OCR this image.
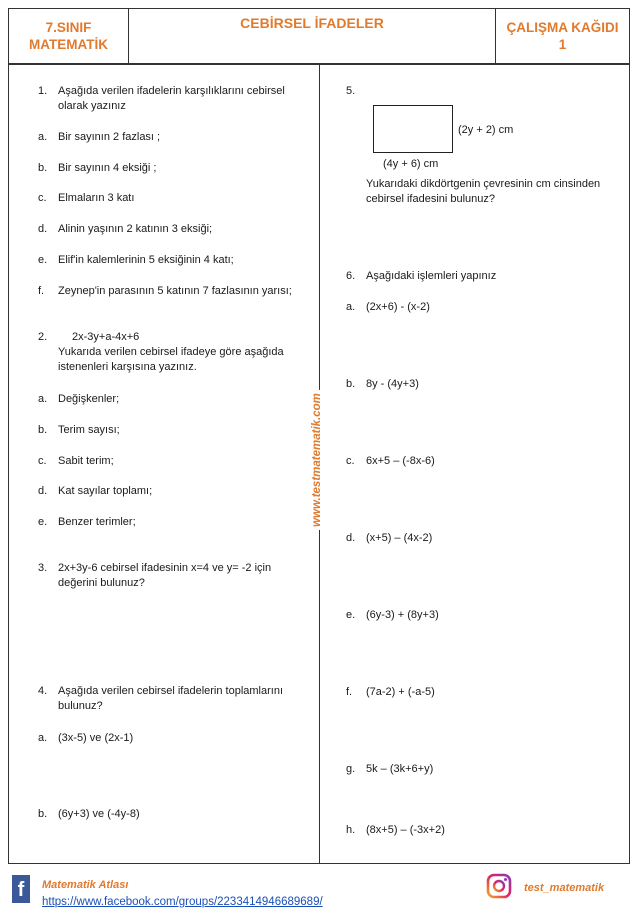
7.SINIF
MATEMATİK
CEBİRSEL İFADELER	ÇALIŞMA KAĞIDI
1
www.testmatematik.com
1. Aşağıda verilen ifadelerin karşılıklarını cebirsel
olarak yazınız
a. Bir sayının 2 fazlası ;
b. Bir sayının 4 eksiği ;
c. Elmaların 3 katı
d. Alinin yaşının 2 katının 3 eksiği;
e. Elif'in kalemlerinin 5 eksiğinin 4 katı;
f. Zeynep'in parasının 5 katının 7 fazlasının yarısı;
2. 2x-3y+a-4x+6
Yukarıda verilen cebirsel ifadeye göre aşağıda
istenenleri karşısına yazınız.
a. Değişkenler;
b. Terim sayısı;
c. Sabit terim;
d. Kat sayılar toplamı;
e. Benzer terimler;
3. 2x+3y-6 cebirsel ifadesinin x=4 ve y= -2 için
değerini bulunuz?
4. Aşağıda verilen cebirsel ifadelerin toplamlarını
bulunuz?
a. (3x-5) ve (2x-1)
b. (6y+3) ve (-4y-8)
5.
(2y + 2) cm
(4y + 6) cm
Yukarıdaki dikdörtgenin çevresinin cm cinsinden
cebirsel ifadesini bulunuz?
6. Aşağıdaki işlemleri yapınız
a. (2x+6) - (x-2)
b. 8y - (4y+3)
c. 6x+5 – (-8x-6)
d. (x+5) – (4x-2)
e. (6y-3) + (8y+3)
f. (7a-2) + (-a-5)
g. 5k – (3k+6+y)
h. (8x+5) – (-3x+2)
f	Matematik Atlası
https://www.facebook.com/groups/2233414946689689/
test_matematik
